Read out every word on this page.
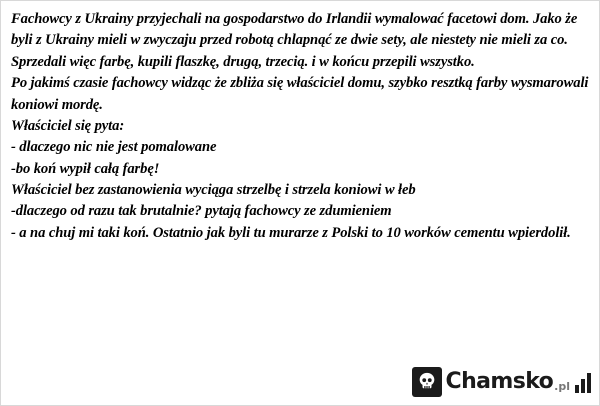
Fachowcy z Ukrainy przyjechali na gospodarstwo do Irlandii wymalować facetowi dom. Jako że byli z Ukrainy mieli w zwyczaju przed robotą chlapnąć ze dwie sety, ale niestety nie mieli za co.
Sprzedali więc farbę, kupili flaszkę, drugą, trzecią. i w końcu przepili wszystko.
Po jakimś czasie fachowcy widząc że zbliża się właściciel domu, szybko resztką farby wysmarowali koniowi mordę.
Właściciel się pyta:
- dlaczego nic nie jest pomalowane
-bo koń wypił całą farbę!
Właściciel bez zastanowienia wyciąga strzelbę i strzela koniowi w łeb
-dlaczego od razu tak brutalnie? pytają fachowcy ze zdumieniem
- a na chuj mi taki koń. Ostatnio jak byli tu murarze z Polski to 10 worków cementu wpierdolił.
Chamsko .pl
